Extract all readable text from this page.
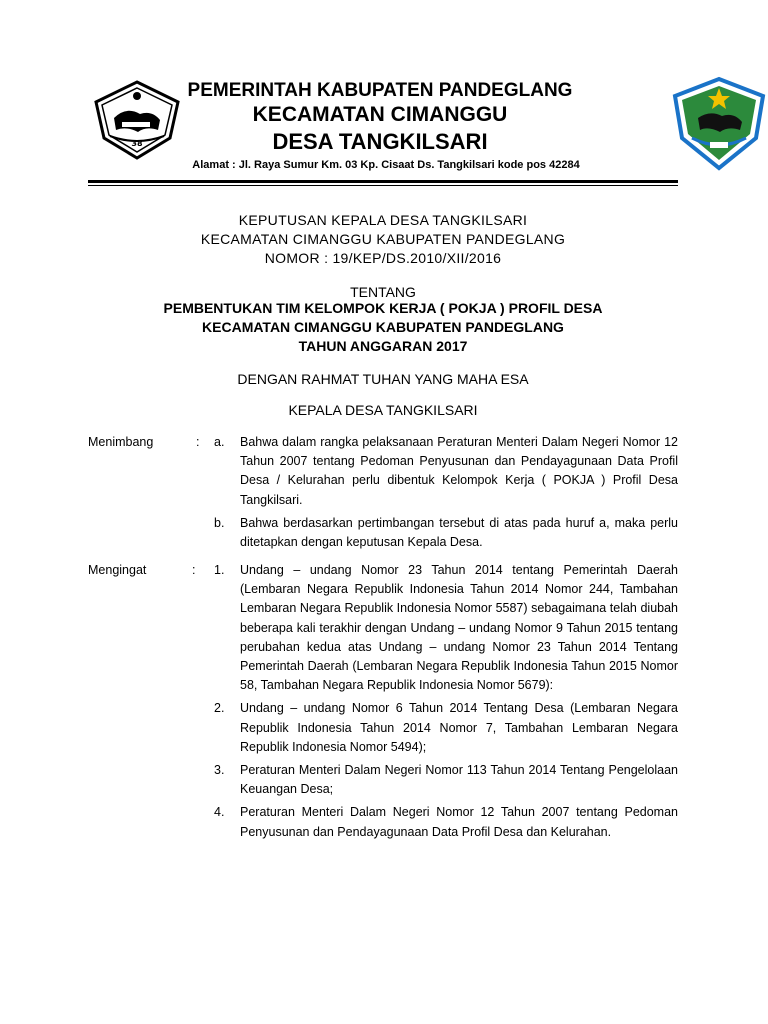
38
PEMERINTAH KABUPATEN PANDEGLANG
KECAMATAN CIMANGGU
DESA TANGKILSARI
Alamat : Jl. Raya Sumur Km. 03 Kp. Cisaat Ds. Tangkilsari kode pos 42284
KEPUTUSAN KEPALA DESA TANGKILSARI
KECAMATAN CIMANGGU KABUPATEN PANDEGLANG
NOMOR : 19/KEP/DS.2010/XII/2016
TENTANG
PEMBENTUKAN TIM KELOMPOK KERJA ( POKJA ) PROFIL DESA
KECAMATAN CIMANGGU KABUPATEN PANDEGLANG
TAHUN ANGGARAN 2017
DENGAN RAHMAT TUHAN YANG MAHA ESA
KEPALA DESA TANGKILSARI
Menimbang	: a. Bahwa dalam rangka pelaksanaan Peraturan Menteri Dalam Negeri Nomor 12 Tahun 2007 tentang Pedoman Penyusunan dan Pendayagunaan Data Profil Desa / Kelurahan perlu dibentuk Kelompok Kerja ( POKJA ) Profil Desa Tangkilsari.
b. Bahwa berdasarkan pertimbangan tersebut di atas pada huruf a, maka perlu ditetapkan dengan keputusan Kepala Desa.
Mengingat	: 1. Undang – undang Nomor 23 Tahun 2014 tentang Pemerintah Daerah (Lembaran Negara Republik Indonesia Tahun 2014 Nomor 244, Tambahan Lembaran Negara Republik Indonesia Nomor 5587) sebagaimana telah diubah beberapa kali terakhir dengan Undang – undang Nomor 9 Tahun 2015 tentang perubahan kedua atas Undang – undang Nomor 23 Tahun 2014 Tentang Pemerintah Daerah (Lembaran Negara Republik Indonesia Tahun 2015 Nomor 58, Tambahan Negara Republik Indonesia Nomor 5679):
2. Undang – undang Nomor 6 Tahun 2014 Tentang Desa (Lembaran Negara Republik Indonesia Tahun 2014 Nomor 7, Tambahan Lembaran Negara Republik Indonesia Nomor 5494);
3. Peraturan Menteri Dalam Negeri Nomor 113 Tahun 2014 Tentang Pengelolaan Keuangan Desa;
4. Peraturan Menteri Dalam Negeri Nomor 12 Tahun 2007 tentang Pedoman Penyusunan dan Pendayagunaan Data Profil Desa dan Kelurahan.
